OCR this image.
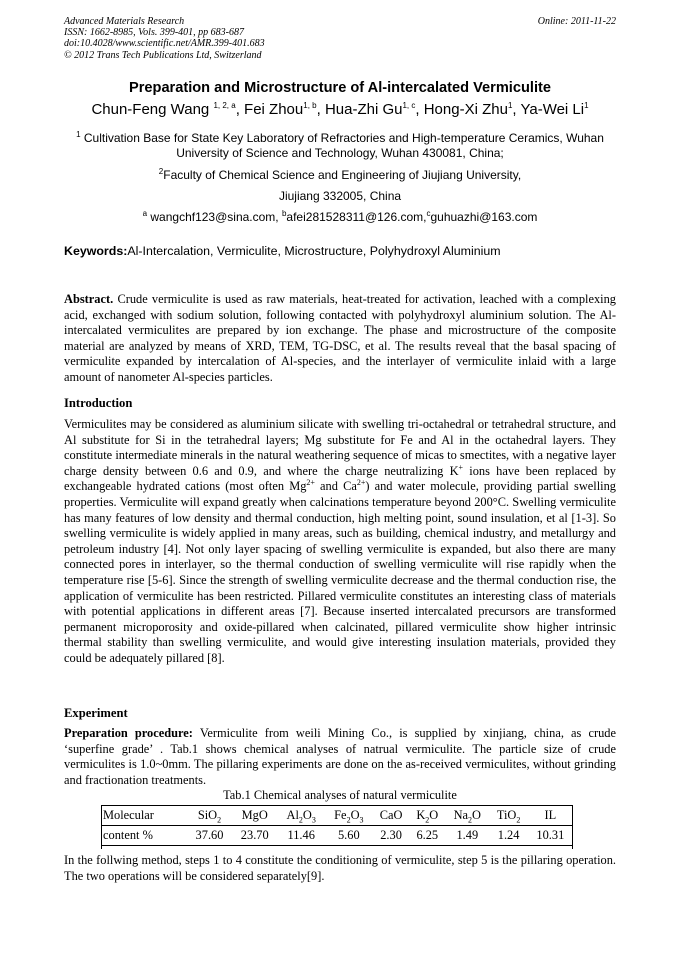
Advanced Materials Research
ISSN: 1662-8985, Vols. 399-401, pp 683-687
doi:10.4028/www.scientific.net/AMR.399-401.683
© 2012 Trans Tech Publications Ltd, Switzerland
Online: 2011-11-22
Preparation and Microstructure of Al-intercalated Vermiculite
Chun-Feng Wang $^{1, 2, a}$, Fei Zhou$^{1, b}$, Hua-Zhi Gu$^{1, c}$, Hong-Xi Zhu$^1$, Ya-Wei Li$^1$
$^1$ Cultivation Base for State Key Laboratory of Refractories and High-temperature Ceramics, Wuhan University of Science and Technology, Wuhan 430081, China;
$^2$Faculty of Chemical Science and Engineering of Jiujiang University,
Jiujiang 332005, China
$^a$ wangchf123@sina.com, $^b$afei281528311@126.com,$^c$guhuazhi@163.com
Keywords:Al-Intercalation, Vermiculite, Microstructure, Polyhydroxyl Aluminium
Abstract. Crude vermiculite is used as raw materials, heat-treated for activation, leached with a complexing acid, exchanged with sodium solution, following contacted with polyhydroxyl aluminium solution. The Al-intercalated vermiculites are prepared by ion exchange. The phase and microstructure of the composite material are analyzed by means of XRD, TEM, TG-DSC, et al. The results reveal that the basal spacing of vermiculite expanded by intercalation of Al-species, and the interlayer of vermiculite inlaid with a large amount of nanometer Al-species particles.
Introduction
Vermiculites may be considered as aluminium silicate with swelling tri-octahedral or tetrahedral structure, and Al substitute for Si in the tetrahedral layers; Mg substitute for Fe and Al in the octahedral layers. They constitute intermediate minerals in the natural weathering sequence of micas to smectites, with a negative layer charge density between 0.6 and 0.9, and where the charge neutralizing K+ ions have been replaced by exchangeable hydrated cations (most often $Mg^{2+}$ and $Ca^{2+}$) and water molecule, providing partial swelling properties. Vermiculite will expand greatly when calcinations temperature beyond 200°C. Swelling vermiculite has many features of low density and thermal conduction, high melting point, sound insulation, et al [1-3]. So swelling vermiculite is widely applied in many areas, such as building, chemical industry, and metallurgy and petroleum industry [4]. Not only layer spacing of swelling vermiculite is expanded, but also there are many connected pores in interlayer, so the thermal conduction of swelling vermiculite will rise rapidly when the temperature rise [5-6]. Since the strength of swelling vermiculite decrease and the thermal conduction rise, the application of vermiculite has been restricted. Pillared vermiculite constitutes an interesting class of materials with potential applications in different areas [7]. Because inserted intercalated precursors are transformed permanent microporosity and oxide-pillared when calcinated, pillared vermiculite show higher intrinsic thermal stability than swelling vermiculite, and would give interesting insulation materials, provided they could be adequately pillared [8].
Experiment
Preparation procedure: Vermiculite from weili Mining Co., is supplied by xinjiang, china, as crude ‘superfine grade’ . Tab.1 shows chemical analyses of natrual vermiculite. The particle size of crude vermiculites is 1.0~0mm. The pillaring experiments are done on the as-received vermiculites, without grinding and fractionation treatments.
Tab.1 Chemical analyses of natural vermiculite
Molecular	SiO$_2$	MgO	$Al_2O_3$	$Fe_2O_3$	CaO	$K_2O$	$Na_2O$	TiO$_2$	IL
content %	37.60	23.70	11.46	5.60	2.30	6.25	1.49	1.24	10.31
In the follwing method, steps 1 to 4 constitute the conditioning of vermiculite, step 5 is the pillaring operation. The two operations will be considered separately[9].
